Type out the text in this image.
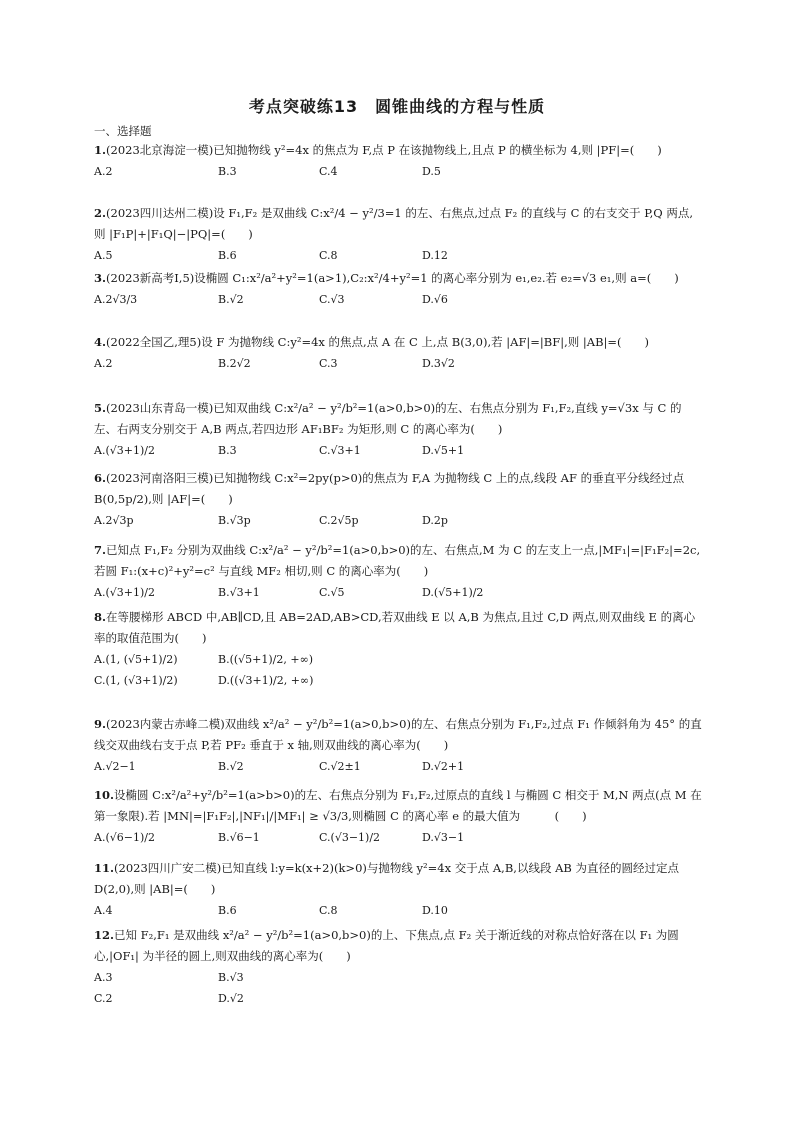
考点突破练13　圆锥曲线的方程与性质
一、选择题
1.(2023北京海淀一模)已知抛物线 y²=4x 的焦点为 F,点 P 在该抛物线上,且点 P 的横坐标为 4,则 |PF|=(　　)
A.2	B.3	C.4	D.5
2.(2023四川达州二模)设 F₁,F₂ 是双曲线 C:x²/4 − y²/3=1 的左、右焦点,过点 F₂ 的直线与 C 的右支交于 P,Q 两点,则 |F₁P|+|F₁Q|−|PQ|=(　　)
A.5	B.6	C.8	D.12
3.(2023新高考Ⅰ,5)设椭圆 C₁:x²/a²+y²=1(a>1),C₂:x²/4+y²=1 的离心率分别为 e₁,e₂.若 e₂=√3 e₁,则 a=(　　)
A.2√3/3	B.√2	C.√3	D.√6
4.(2022全国乙,理5)设 F 为抛物线 C:y²=4x 的焦点,点 A 在 C 上,点 B(3,0),若 |AF|=|BF|,则 |AB|=(　　)
A.2	B.2√2	C.3	D.3√2
5.(2023山东青岛一模)已知双曲线 C:x²/a² − y²/b²=1(a>0,b>0)的左、右焦点分别为 F₁,F₂,直线 y=√3x 与 C 的左、右两支分别交于 A,B 两点,若四边形 AF₁BF₂ 为矩形,则 C 的离心率为(　　)
A.(√3+1)/2	B.3	C.√3+1	D.√5+1
6.(2023河南洛阳三模)已知抛物线 C:x²=2py(p>0)的焦点为 F,A 为抛物线 C 上的点,线段 AF 的垂直平分线经过点 B(0,5p/2),则 |AF|=(　　)
A.2√3p	B.√3p	C.2√5p	D.2p
7.已知点 F₁,F₂ 分别为双曲线 C:x²/a² − y²/b²=1(a>0,b>0)的左、右焦点,M 为 C 的左支上一点,|MF₁|=|F₁F₂|=2c,若圆 F₁:(x+c)²+y²=c² 与直线 MF₂ 相切,则 C 的离心率为(　　)
A.(√3+1)/2	B.√3+1	C.√5	D.(√5+1)/2
8.在等腰梯形 ABCD 中,AB∥CD,且 AB=2AD,AB>CD,若双曲线 E 以 A,B 为焦点,且过 C,D 两点,则双曲线 E 的离心率的取值范围为(　　)
A.(1, (√5+1)/2)	B.((√5+1)/2, +∞)
C.(1, (√3+1)/2)	D.((√3+1)/2, +∞)
9.(2023内蒙古赤峰二模)双曲线 x²/a² − y²/b²=1(a>0,b>0)的左、右焦点分别为 F₁,F₂,过点 F₁ 作倾斜角为 45° 的直线交双曲线右支于点 P,若 PF₂ 垂直于 x 轴,则双曲线的离心率为(　　)
A.√2−1	B.√2	C.√2±1	D.√2+1
10.设椭圆 C:x²/a²+y²/b²=1(a>b>0)的左、右焦点分别为 F₁,F₂,过原点的直线 l 与椭圆 C 相交于 M,N 两点(点 M 在第一象限).若 |MN|=|F₁F₂|,|NF₁|/|MF₁| ≥ √3/3,则椭圆 C 的离心率 e 的最大值为　　　(　　)
A.(√6−1)/2	B.√6−1	C.(√3−1)/2	D.√3−1
11.(2023四川广安二模)已知直线 l:y=k(x+2)(k>0)与抛物线 y²=4x 交于点 A,B,以线段 AB 为直径的圆经过定点 D(2,0),则 |AB|=(　　)
A.4	B.6	C.8	D.10
12.已知 F₂,F₁ 是双曲线 x²/a² − y²/b²=1(a>0,b>0)的上、下焦点,点 F₂ 关于渐近线的对称点恰好落在以 F₁ 为圆心,|OF₁| 为半径的圆上,则双曲线的离心率为(　　)
A.3	B.√3
C.2	D.√2
